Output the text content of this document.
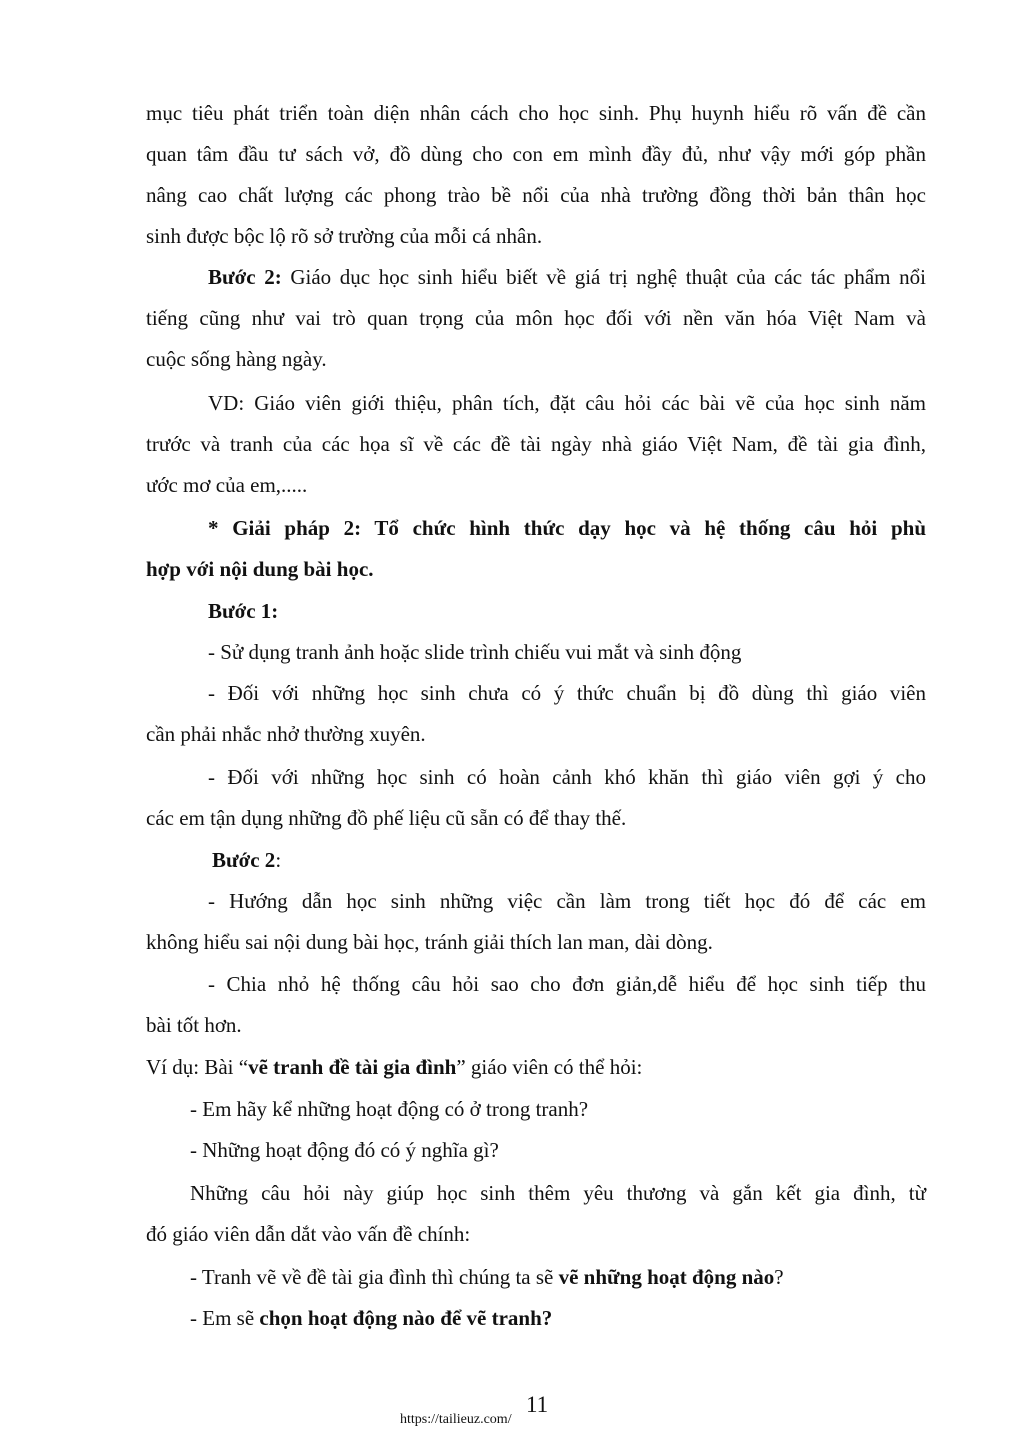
mục tiêu phát triển toàn diện nhân cách cho học sinh. Phụ huynh hiểu rõ vấn đề cần
quan tâm đầu tư sách vở, đồ dùng cho con em mình đầy đủ, như vậy mới góp phần
nâng cao chất lượng các phong trào bề nổi của nhà trường đồng thời bản thân học
sinh được bộc lộ rõ sở trường của mỗi cá nhân.
Bước 2: Giáo dục học sinh hiểu biết về giá trị nghệ thuật của các tác phẩm nổi
tiếng cũng như vai trò quan trọng của môn học đối với nền văn hóa Việt Nam và
cuộc sống hàng ngày.
VD: Giáo viên giới thiệu, phân tích, đặt câu hỏi các bài vẽ của học sinh năm
trước và tranh của các họa sĩ về các đề tài ngày nhà giáo Việt Nam, đề tài gia đình,
ước mơ của em,.....
* Giải pháp 2: Tổ chức hình thức dạy học và hệ thống câu hỏi phù
hợp với nội dung bài học.
Bước 1:
- Sử dụng tranh ảnh hoặc slide trình chiếu vui mắt và sinh động
- Đối với những học sinh chưa có ý thức chuẩn bị đồ dùng thì giáo viên
cần phải nhắc nhở thường xuyên.
- Đối với những học sinh có hoàn cảnh khó khăn thì giáo viên gợi ý cho
các em tận dụng những đồ phế liệu cũ sẵn có để thay thế.
Bước 2:
- Hướng dẫn học sinh những việc cần làm trong tiết học đó để các em
không hiểu sai nội dung bài học, tránh giải thích lan man, dài dòng.
- Chia nhỏ hệ thống câu hỏi sao cho đơn giản,dễ hiểu để học sinh tiếp thu
bài tốt hơn.
Ví dụ: Bài “vẽ tranh đề tài gia đình” giáo viên có thể hỏi:
- Em hãy kể những hoạt động có ở trong tranh?
- Những hoạt động đó có ý nghĩa gì?
Những câu hỏi này giúp học sinh thêm yêu thương và gắn kết gia đình, từ
đó giáo viên dẫn dắt vào vấn đề chính:
- Tranh vẽ về đề tài gia đình thì chúng ta sẽ vẽ những hoạt động nào?
- Em sẽ chọn hoạt động nào để vẽ tranh?
11
https://tailieuz.com/
